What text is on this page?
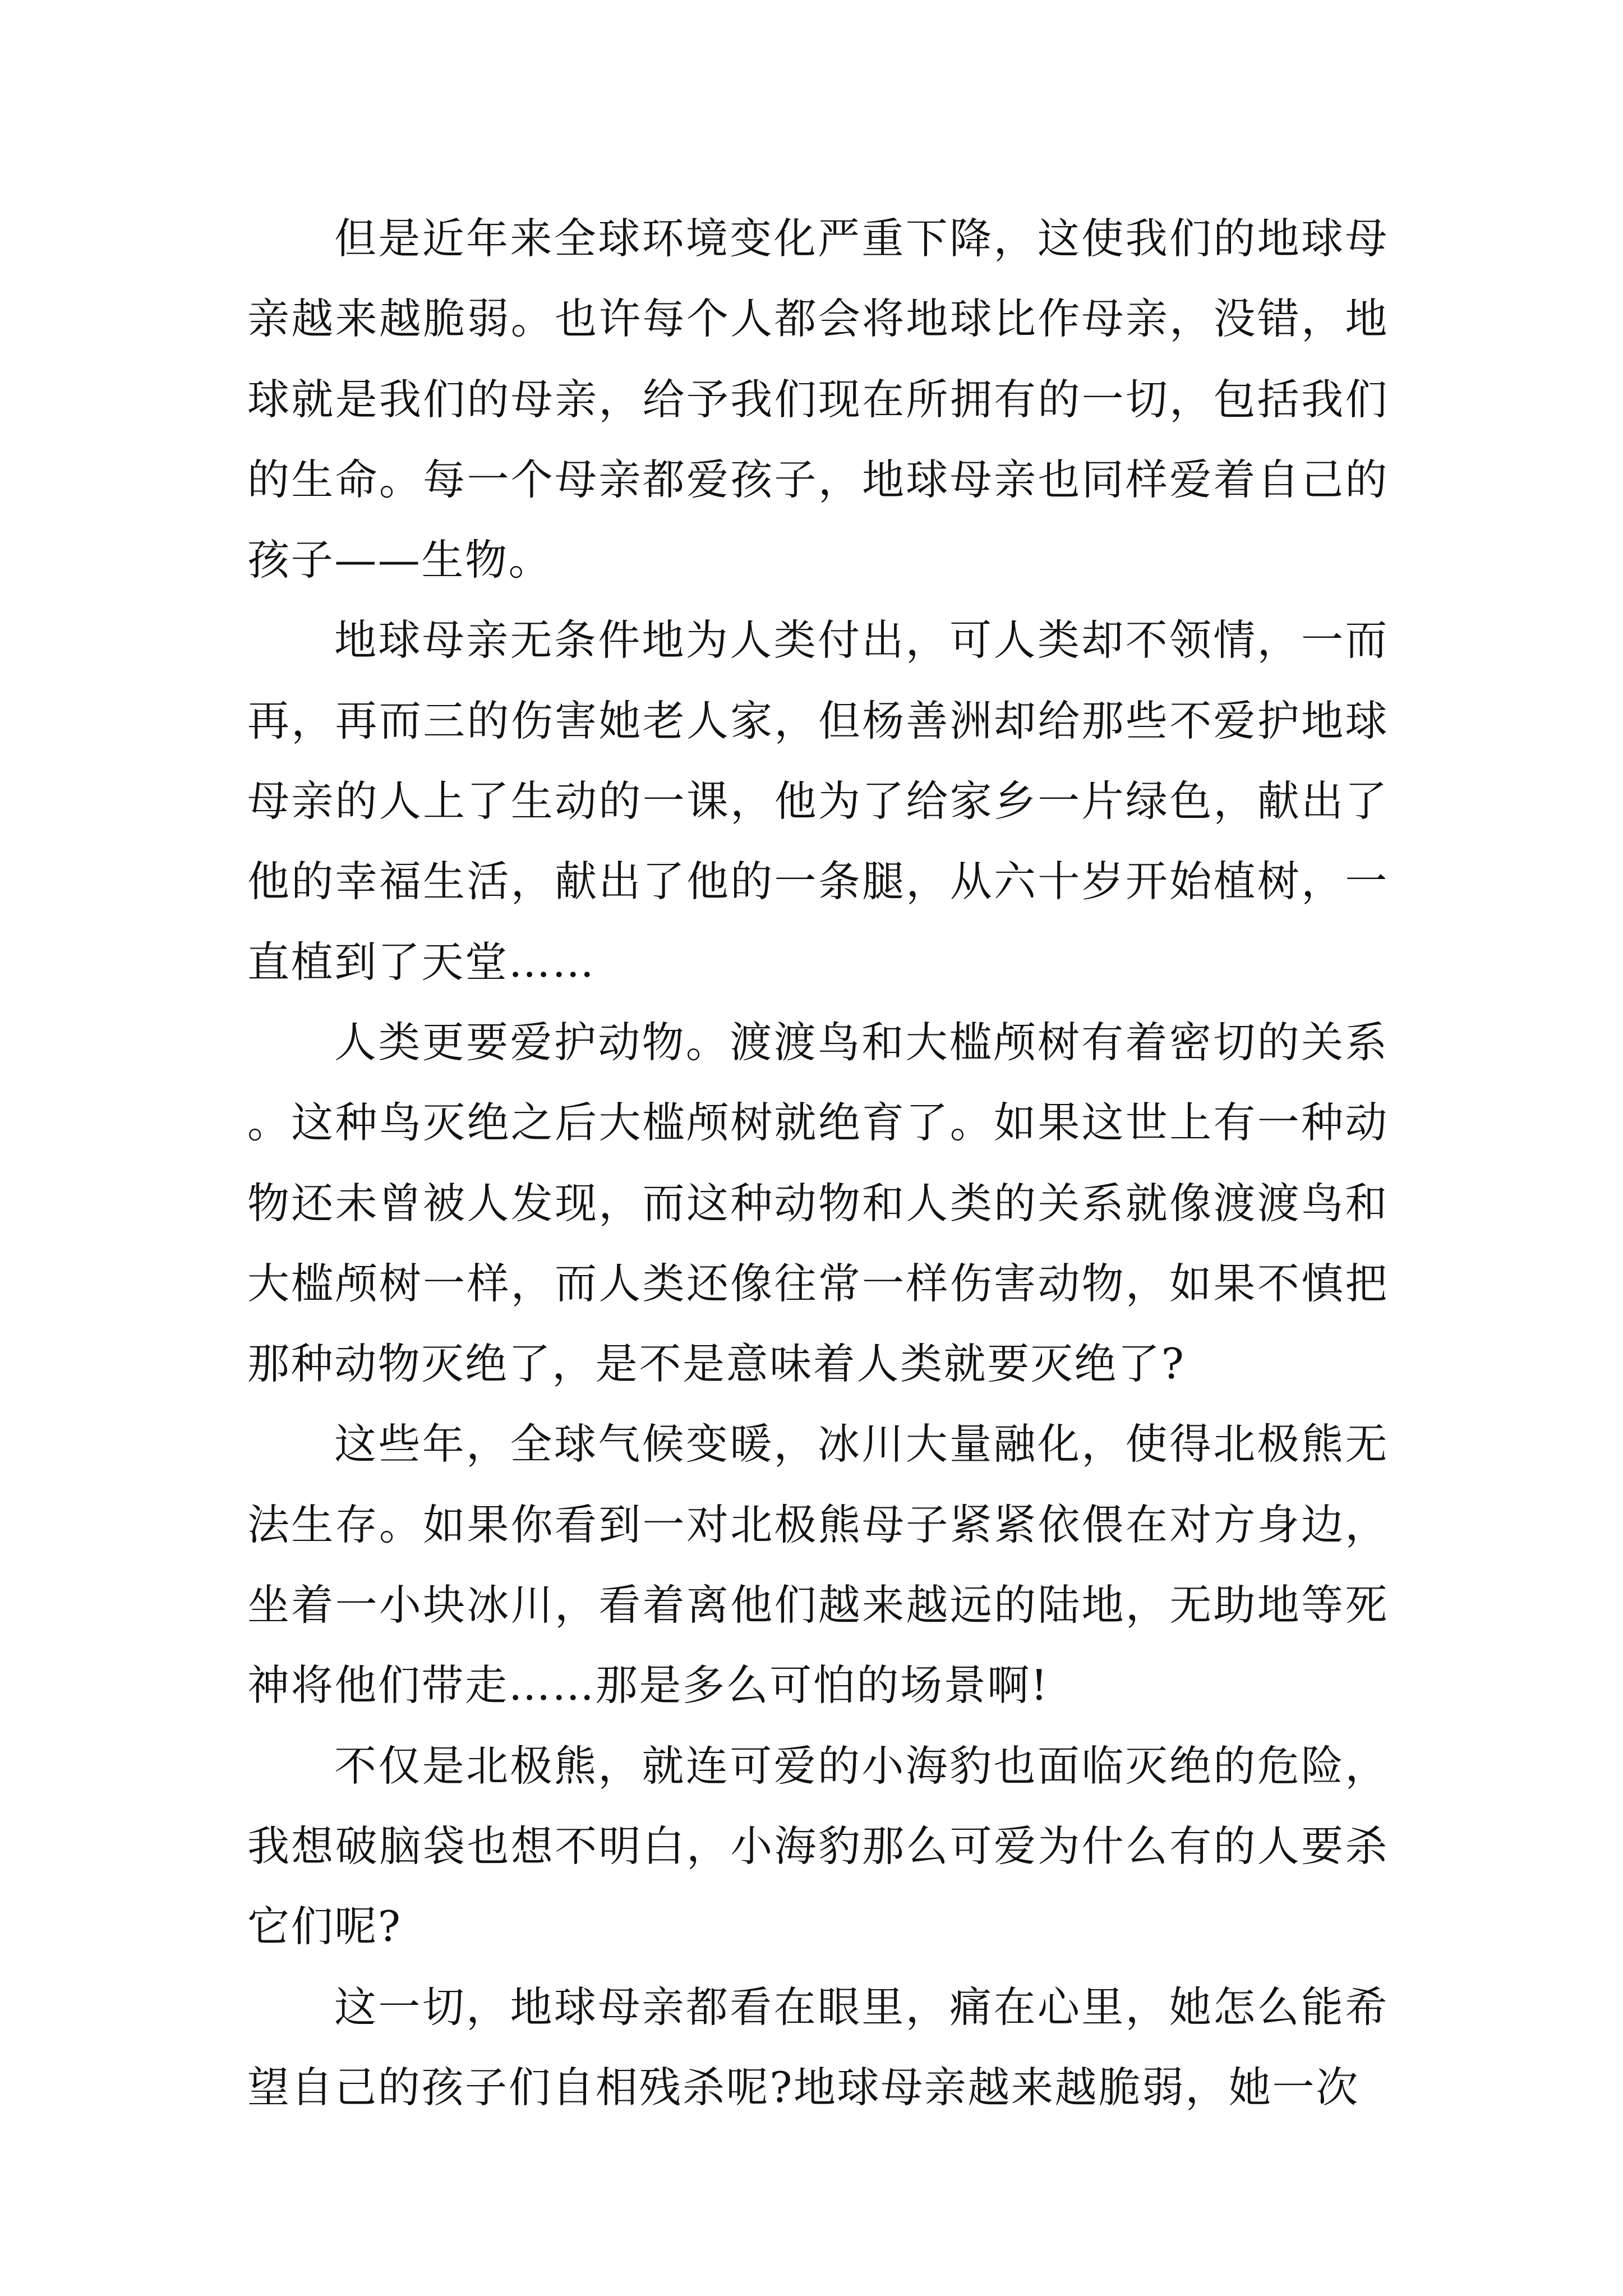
但是近年来全球环境变化严重下降，这使我们的地球母亲越来越脆弱。也许每个人都会将地球比作母亲，没错，地球就是我们的母亲，给予我们现在所拥有的一切，包括我们的生命。每一个母亲都爱孩子，地球母亲也同样爱着自己的孩子——生物。

地球母亲无条件地为人类付出，可人类却不领情，一而再，再而三的伤害她老人家，但杨善洲却给那些不爱护地球母亲的人上了生动的一课，他为了给家乡一片绿色，献出了他的幸福生活，献出了他的一条腿，从六十岁开始植树，一直植到了天堂……

人类更要爱护动物。渡渡鸟和大槛颅树有着密切的关系。这种鸟灭绝之后大槛颅树就绝育了。如果这世上有一种动物还未曾被人发现，而这种动物和人类的关系就像渡渡鸟和大槛颅树一样，而人类还像往常一样伤害动物，如果不慎把那种动物灭绝了，是不是意味着人类就要灭绝了?

这些年，全球气候变暖，冰川大量融化，使得北极熊无法生存。如果你看到一对北极熊母子紧紧依偎在对方身边，坐着一小块冰川，看着离他们越来越远的陆地，无助地等死神将他们带走……那是多么可怕的场景啊!

不仅是北极熊，就连可爱的小海豹也面临灭绝的危险，我想破脑袋也想不明白，小海豹那么可爱为什么有的人要杀它们呢?

这一切，地球母亲都看在眼里，痛在心里，她怎么能希望自己的孩子们自相残杀呢?地球母亲越来越脆弱，她一次
